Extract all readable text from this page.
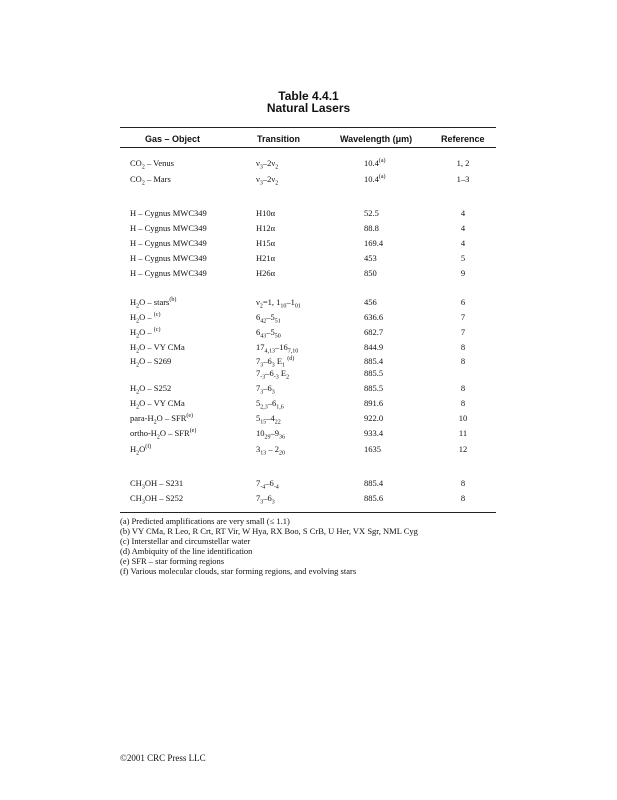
Table 4.4.1
Natural Lasers
Gas – Object	Transition	Wavelength (μm)	Reference
$CO_2$ – Venus	$\nu_3-2\nu_2$	10.4$^{(a)}$	1, 2
$CO_2$ – Mars	$\nu_3-2\nu_2$	10.4$^{(a)}$	1–3
H – Cygnus MWC349	H10α	52.5	4
H – Cygnus MWC349	H12α	88.8	4
H – Cygnus MWC349	H15α	169.4	4
H – Cygnus MWC349	H21α	453	5
H – Cygnus MWC349	H26α	850	9
$H_2O$ – stars$^{(b)}$	$\nu_2=1$, $1_{10}-1_{01}$	456	6
$H_2O - ^{(c)}$	$6_{42}-5_{51}$	636.6	7
$H_2O - ^{(c)}$	$6_{43}-5_{50}$	682.7	7
$H_2O$ – VY CMa	$17_{4,13}-16_{7,10}$	844.9	8
$H_2O - S269$	$7_3-6_3$ $E_1$ $^{(d)}$	885.4	8
$7_{-3}-6_{-3}$ $E_2$	885.5
$H_2O - S252$	$7_3-6_3$	885.5	8
$H_2O$ – VY CMa	$5_{2,3}-6_{1,6}$	891.6	8
para-$H_2O - SFR^{(e)}$	$5_{15}-4_{22}$	922.0	10
ortho-$H_2O - SFR^{(e)}$	$10_{29}-9_{36}$	933.4	11
$H_2O^{(f)}$	$3_{13} - 2_{20}$	1635	12
$CH_3OH - S231$	$7_{-4}-6_{-4}$	885.4	8
$CH_3OH - S252$	$7_3-6_3$	885.6	8
(a) Predicted amplifications are very small (≤ 1.1)
(b) VY CMa, R Leo, R Crt, RT Vir, W Hya, RX Boo, S CrB, U Her, VX Sgr, NML Cyg
(c) Interstellar and circumstellar water
(d) Ambiquity of the line identification
(e) SFR – star forming regions
(f) Various molecular clouds, star forming regions, and evolving stars
©2001 CRC Press LLC
